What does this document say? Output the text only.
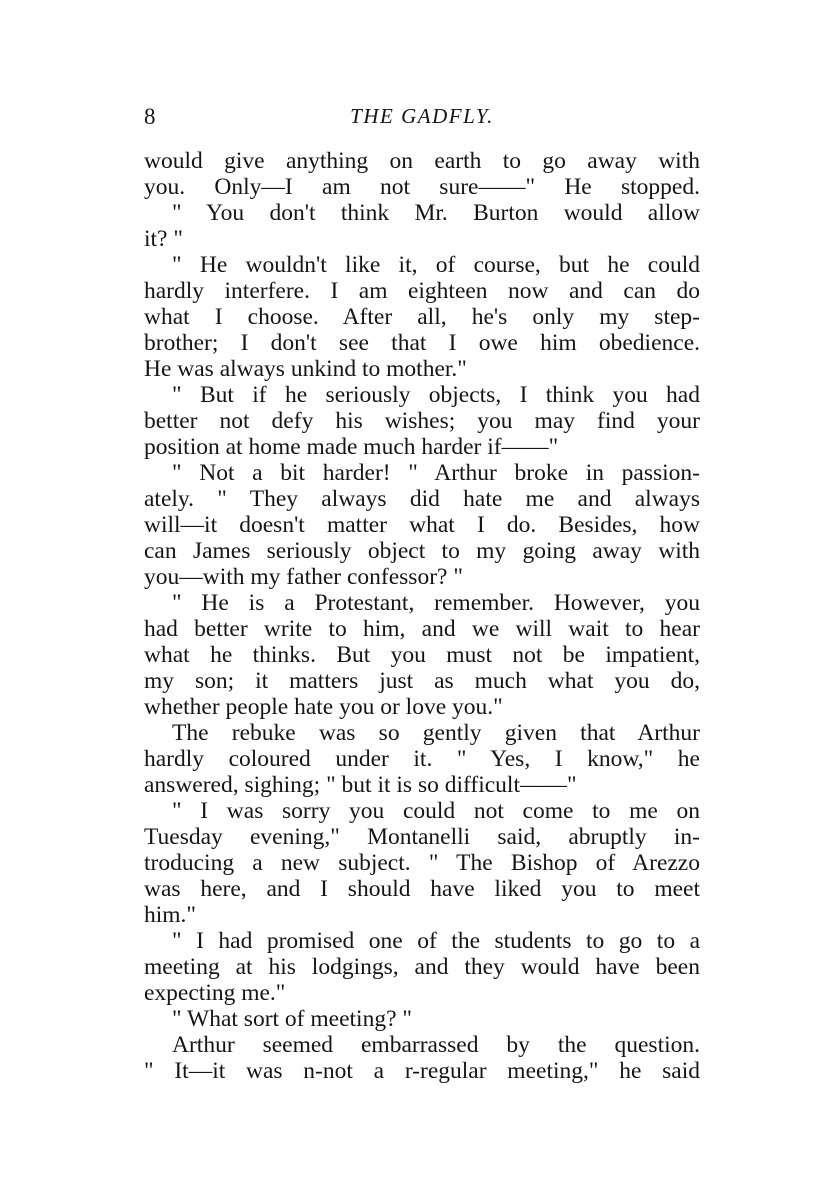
8	THE GADFLY.
would give anything on earth to go away with
you. Only—I am not sure——" He stopped.
" You don't think Mr. Burton would allow
it? "
" He wouldn't like it, of course, but he could
hardly interfere. I am eighteen now and can do
what I choose. After all, he's only my step-
brother; I don't see that I owe him obedience.
He was always unkind to mother."
" But if he seriously objects, I think you had
better not defy his wishes; you may find your
position at home made much harder if——"
" Not a bit harder! " Arthur broke in passion-
ately. " They always did hate me and always
will—it doesn't matter what I do. Besides, how
can James seriously object to my going away with
you—with my father confessor? "
" He is a Protestant, remember. However, you
had better write to him, and we will wait to hear
what he thinks. But you must not be impatient,
my son; it matters just as much what you do,
whether people hate you or love you."
The rebuke was so gently given that Arthur
hardly coloured under it. " Yes, I know," he
answered, sighing; " but it is so difficult——"
" I was sorry you could not come to me on
Tuesday evening," Montanelli said, abruptly in-
troducing a new subject. " The Bishop of Arezzo
was here, and I should have liked you to meet
him."
" I had promised one of the students to go to a
meeting at his lodgings, and they would have been
expecting me."
" What sort of meeting? "
Arthur seemed embarrassed by the question.
" It—it was n-not a r-regular meeting," he said
